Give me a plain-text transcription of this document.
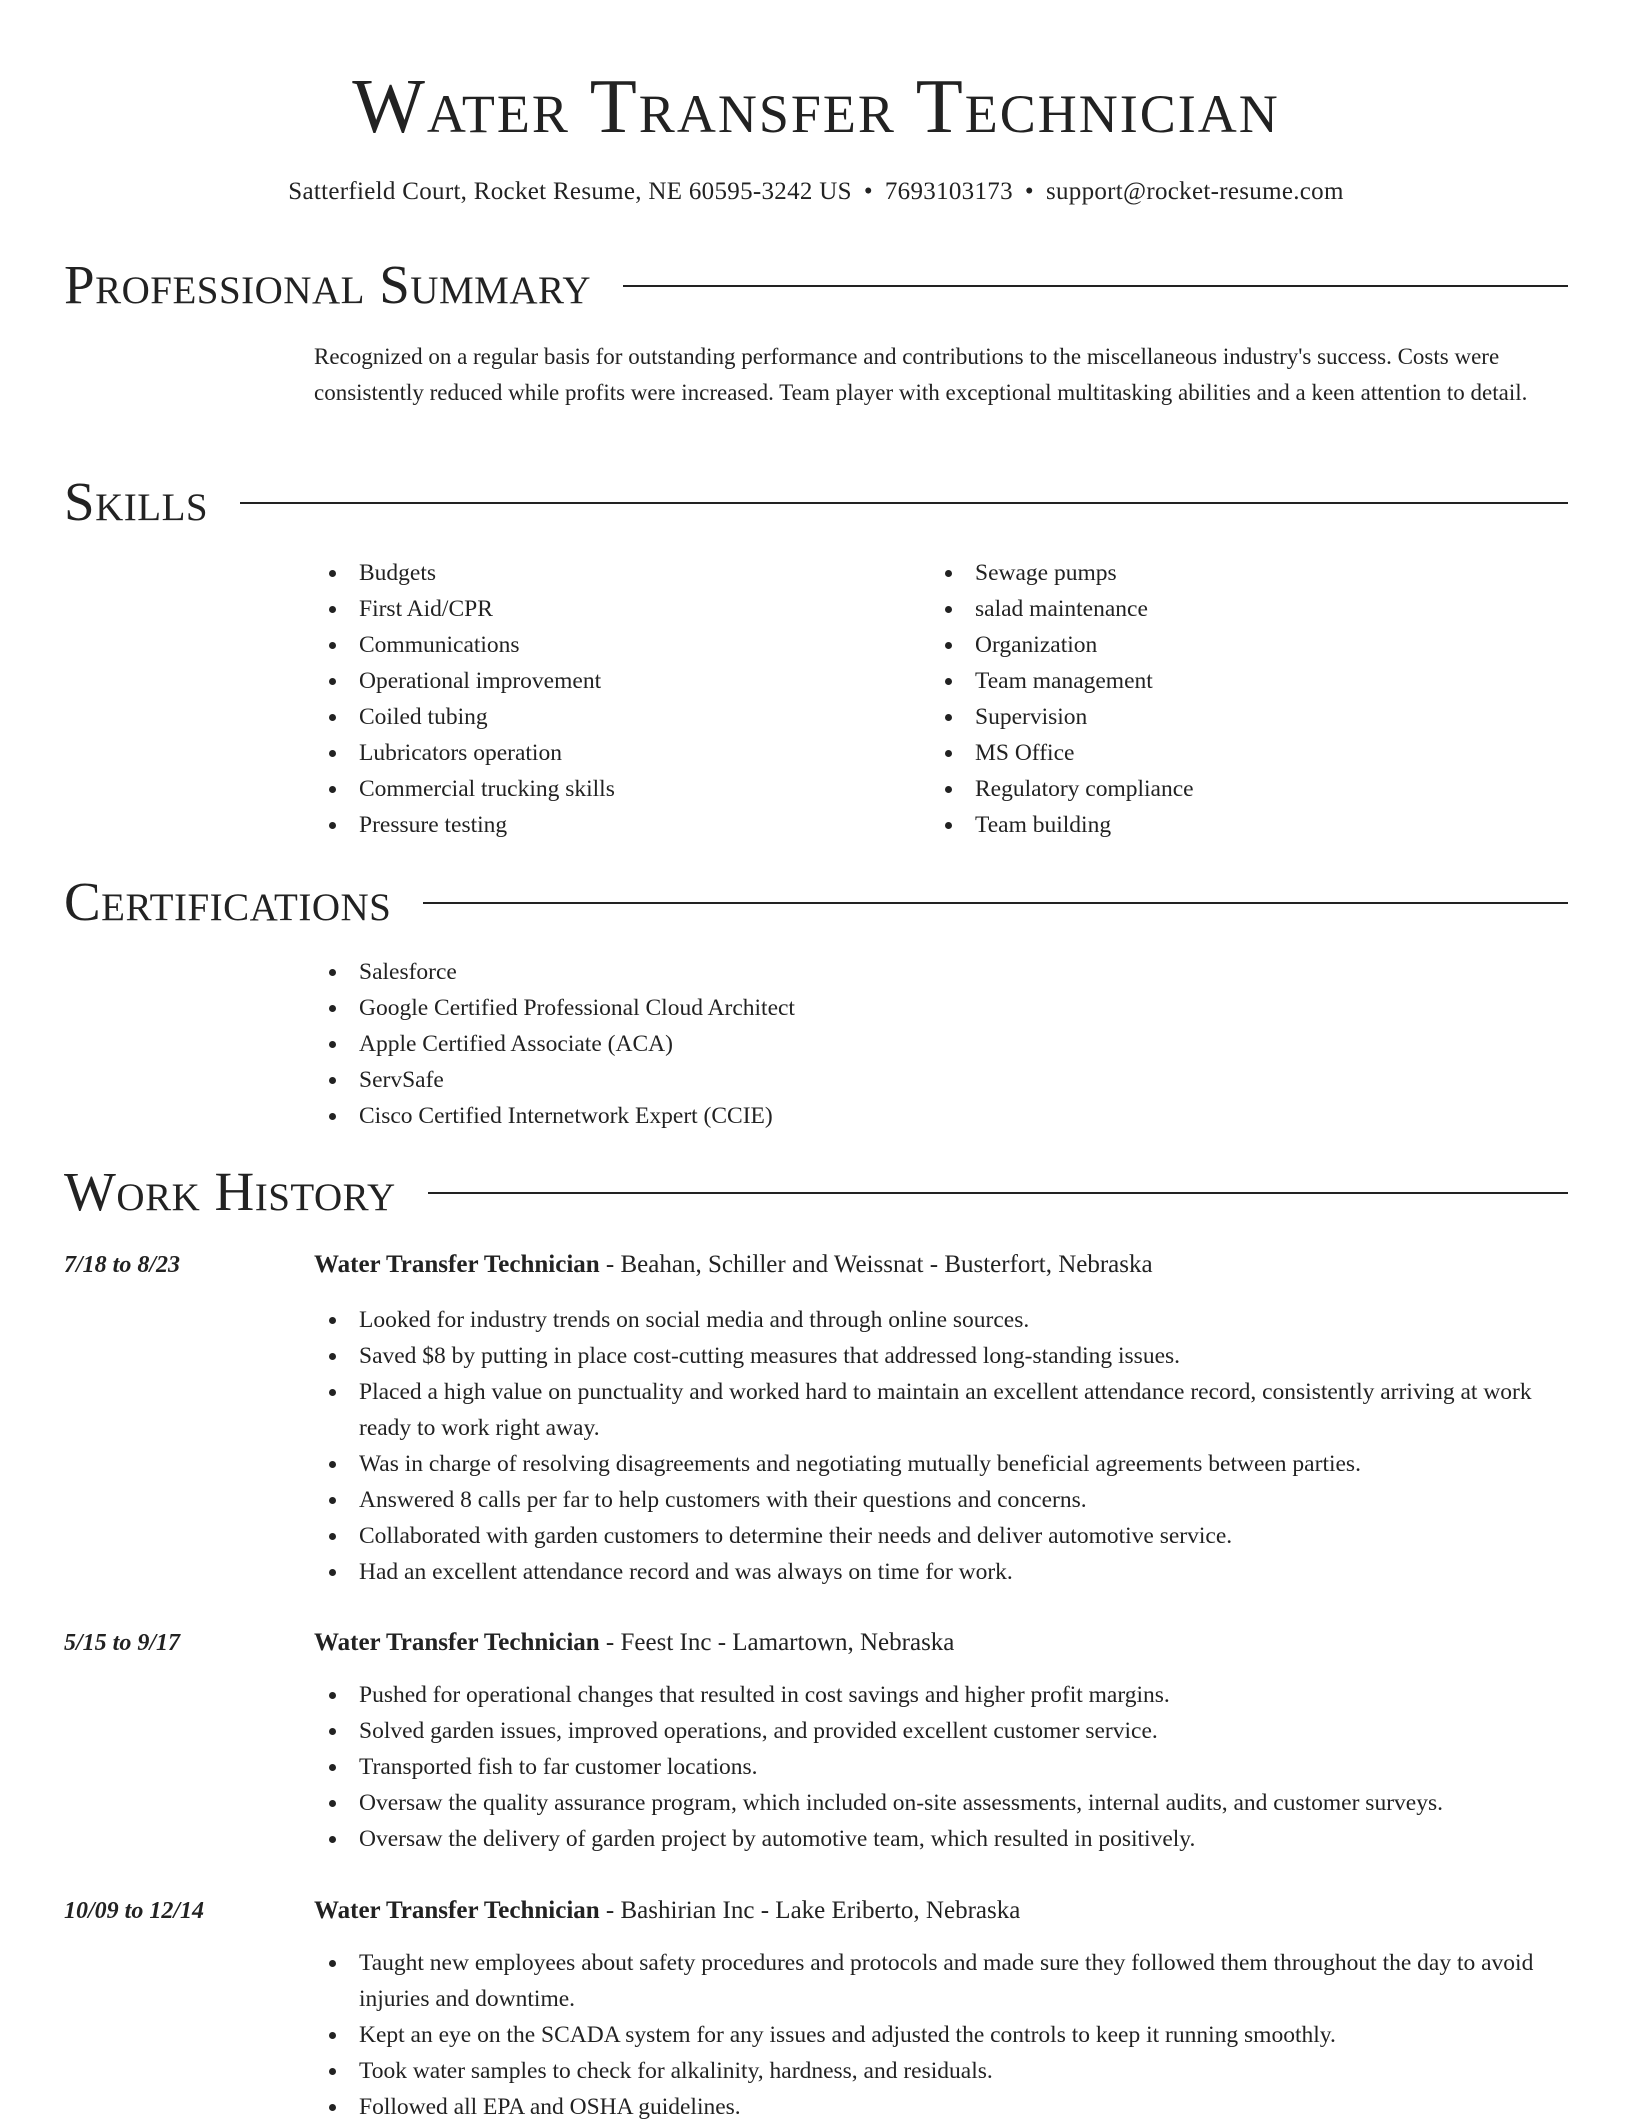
Water Transfer Technician
Satterfield Court, Rocket Resume, NE 60595-3242 US • 7693103173 • support@rocket-resume.com
Professional Summary
Recognized on a regular basis for outstanding performance and contributions to the miscellaneous industry's success. Costs were consistently reduced while profits were increased. Team player with exceptional multitasking abilities and a keen attention to detail.
Skills
Budgets
First Aid/CPR
Communications
Operational improvement
Coiled tubing
Lubricators operation
Commercial trucking skills
Pressure testing
Sewage pumps
salad maintenance
Organization
Team management
Supervision
MS Office
Regulatory compliance
Team building
Certifications
Salesforce
Google Certified Professional Cloud Architect
Apple Certified Associate (ACA)
ServSafe
Cisco Certified Internetwork Expert (CCIE)
Work History
7/18 to 8/23	Water Transfer Technician - Beahan, Schiller and Weissnat - Busterfort, Nebraska
Looked for industry trends on social media and through online sources.
Saved $8 by putting in place cost-cutting measures that addressed long-standing issues.
Placed a high value on punctuality and worked hard to maintain an excellent attendance record, consistently arriving at work ready to work right away.
Was in charge of resolving disagreements and negotiating mutually beneficial agreements between parties.
Answered 8 calls per far to help customers with their questions and concerns.
Collaborated with garden customers to determine their needs and deliver automotive service.
Had an excellent attendance record and was always on time for work.
5/15 to 9/17	Water Transfer Technician - Feest Inc - Lamartown, Nebraska
Pushed for operational changes that resulted in cost savings and higher profit margins.
Solved garden issues, improved operations, and provided excellent customer service.
Transported fish to far customer locations.
Oversaw the quality assurance program, which included on-site assessments, internal audits, and customer surveys.
Oversaw the delivery of garden project by automotive team, which resulted in positively.
10/09 to 12/14	Water Transfer Technician - Bashirian Inc - Lake Eriberto, Nebraska
Taught new employees about safety procedures and protocols and made sure they followed them throughout the day to avoid injuries and downtime.
Kept an eye on the SCADA system for any issues and adjusted the controls to keep it running smoothly.
Took water samples to check for alkalinity, hardness, and residuals.
Followed all EPA and OSHA guidelines.
